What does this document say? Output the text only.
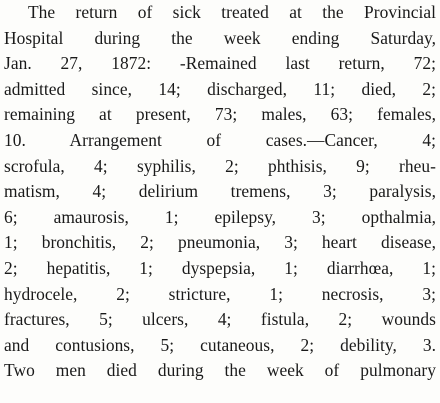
The return of sick treated at the Provincial
Hospital during the week ending Saturday,
Jan. 27, 1872: -Remained last return, 72;
admitted since, 14; discharged, 11; died, 2;
remaining at present, 73; males, 63; females,
10. Arrangement of cases.—Cancer, 4;
scrofula, 4; syphilis, 2; phthisis, 9; rheu-
matism, 4; delirium tremens, 3; paralysis,
6; amaurosis, 1; epilepsy, 3; opthalmia,
1; bronchitis, 2; pneumonia, 3; heart disease,
2; hepatitis, 1; dyspepsia, 1; diarrhœa, 1;
hydrocele, 2; stricture, 1; necrosis, 3;
fractures, 5; ulcers, 4; fistula, 2; wounds
and contusions, 5; cutaneous, 2; debility, 3.
Two men died during the week of pulmonary
